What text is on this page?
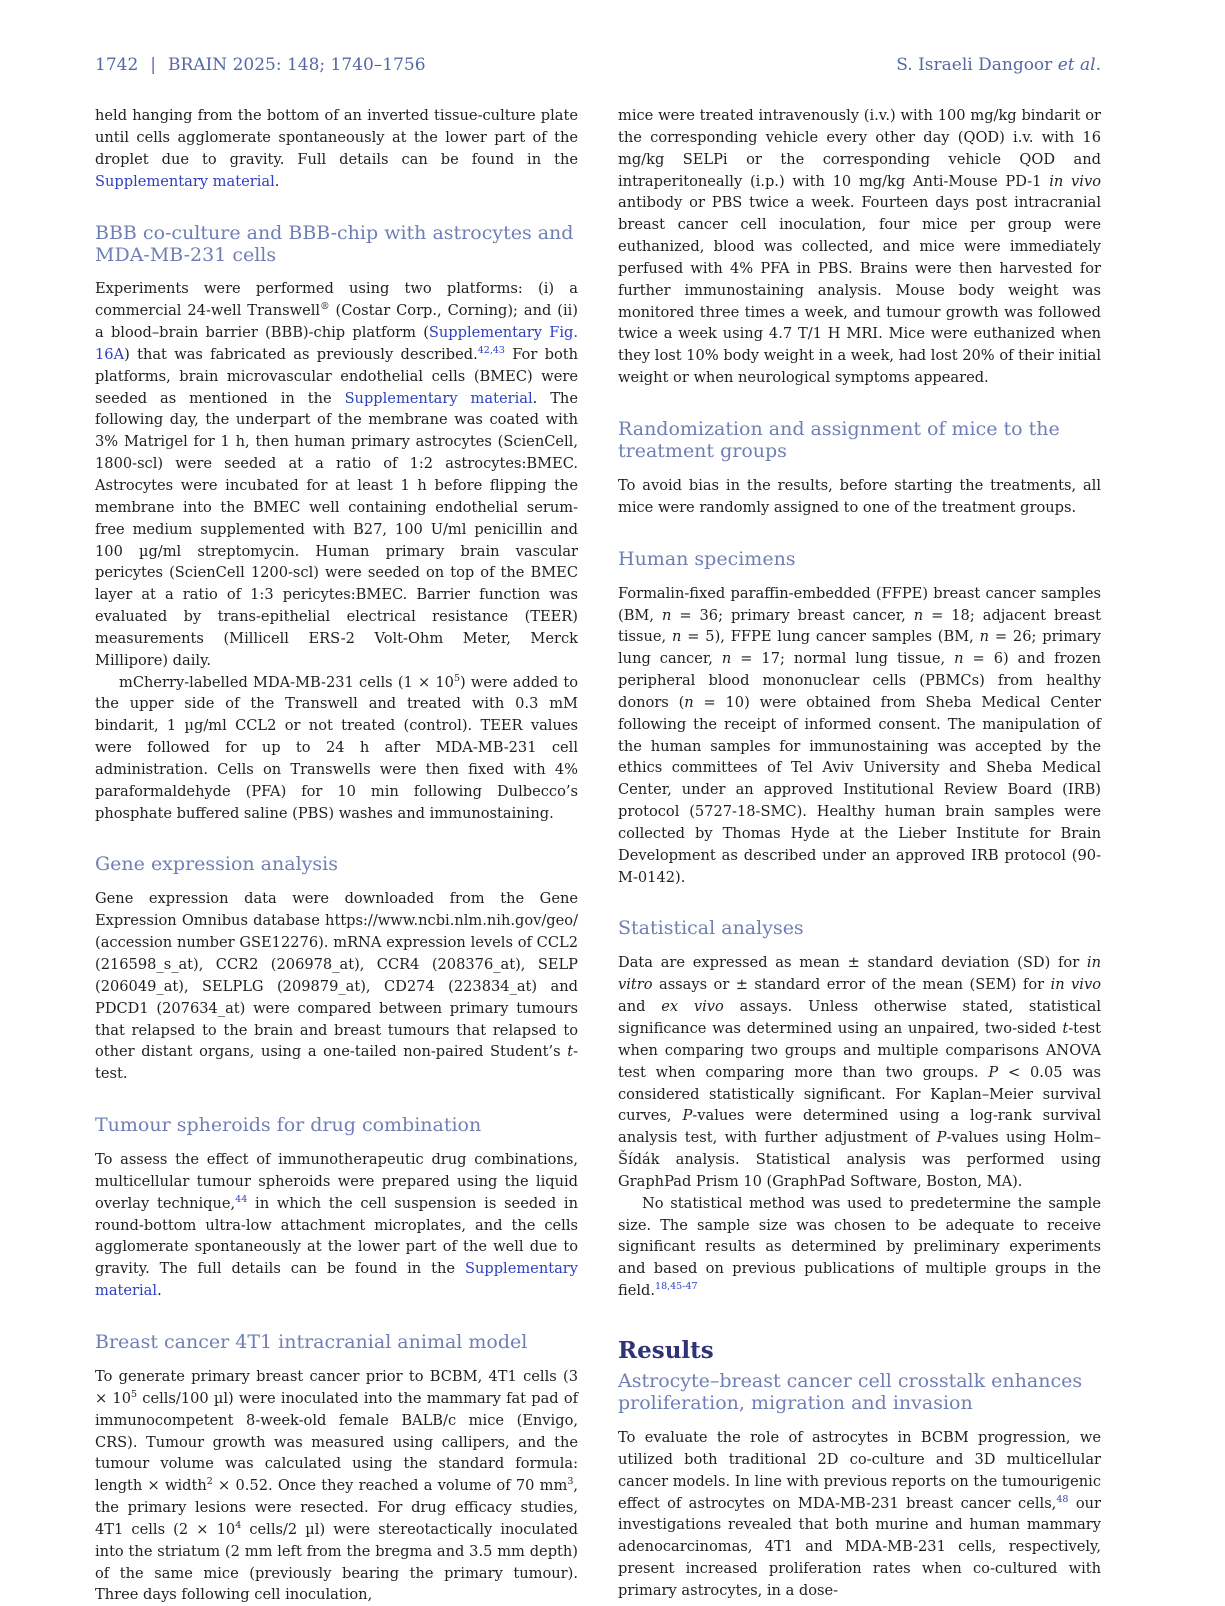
1742 | BRAIN 2025: 148; 1740–1756	S. Israeli Dangoor et al.

held hanging from the bottom of an inverted tissue-culture plate until cells agglomerate spontaneously at the lower part of the droplet due to gravity. Full details can be found in the Supplementary material.

BBB co-culture and BBB-chip with astrocytes and MDA-MB-231 cells

Experiments were performed using two platforms: (i) a commercial 24-well Transwell® (Costar Corp., Corning); and (ii) a blood–brain barrier (BBB)-chip platform (Supplementary Fig. 16A) that was fabricated as previously described.$^{42,43}$ For both platforms, brain microvascular endothelial cells (BMEC) were seeded as mentioned in the Supplementary material. The following day, the underpart of the membrane was coated with 3% Matrigel for 1 h, then human primary astrocytes (ScienCell, 1800-scl) were seeded at a ratio of 1:2 astrocytes:BMEC. Astrocytes were incubated for at least 1 h before flipping the membrane into the BMEC well containing endothelial serum-free medium supplemented with B27, 100 U/ml penicillin and 100 µg/ml streptomycin. Human primary brain vascular pericytes (ScienCell 1200-scl) were seeded on top of the BMEC layer at a ratio of 1:3 pericytes:BMEC. Barrier function was evaluated by trans-epithelial electrical resistance (TEER) measurements (Millicell ERS-2 Volt-Ohm Meter, Merck Millipore) daily.

mCherry-labelled MDA-MB-231 cells $(1 \times 10^5)$ were added to the upper side of the Transwell and treated with 0.3 mM bindarit, 1 µg/ml CCL2 or not treated (control). TEER values were followed for up to 24 h after MDA-MB-231 cell administration. Cells on Transwells were then fixed with 4% paraformaldehyde (PFA) for 10 min following Dulbecco’s phosphate buffered saline (PBS) washes and immunostaining.

Gene expression analysis

Gene expression data were downloaded from the Gene Expression Omnibus database https://www.ncbi.nlm.nih.gov/geo/ (accession number GSE12276). mRNA expression levels of CCL2 (216598_s_at), CCR2 (206978_at), CCR4 (208376_at), SELP (206049_at), SELPLG (209879_at), CD274 (223834_at) and PDCD1 (207634_at) were compared between primary tumours that relapsed to the brain and breast tumours that relapsed to other distant organs, using a one-tailed non-paired Student’s t-test.

Tumour spheroids for drug combination

To assess the effect of immunotherapeutic drug combinations, multicellular tumour spheroids were prepared using the liquid overlay technique,$^{44}$ in which the cell suspension is seeded in round-bottom ultra-low attachment microplates, and the cells agglomerate spontaneously at the lower part of the well due to gravity. The full details can be found in the Supplementary material.

Breast cancer 4T1 intracranial animal model

To generate primary breast cancer prior to BCBM, 4T1 cells ($3 \times 10^5$ cells/100 µl) were inoculated into the mammary fat pad of immunocompetent 8-week-old female BALB/c mice (Envigo, CRS). Tumour growth was measured using callipers, and the tumour volume was calculated using the standard formula: length × width$^2$ × 0.52. Once they reached a volume of 70 $mm^3$, the primary lesions were resected. For drug efficacy studies, 4T1 cells ($2 \times 10^4$ cells/2 µl) were stereotactically inoculated into the striatum (2 mm left from the bregma and 3.5 mm depth) of the same mice (previously bearing the primary tumour). Three days following cell inoculation,

mice were treated intravenously (i.v.) with 100 mg/kg bindarit or the corresponding vehicle every other day (QOD) i.v. with 16 mg/kg SELPi or the corresponding vehicle QOD and intraperitoneally (i.p.) with 10 mg/kg Anti-Mouse PD-1 in vivo antibody or PBS twice a week. Fourteen days post intracranial breast cancer cell inoculation, four mice per group were euthanized, blood was collected, and mice were immediately perfused with 4% PFA in PBS. Brains were then harvested for further immunostaining analysis. Mouse body weight was monitored three times a week, and tumour growth was followed twice a week using 4.7 T/1 H MRI. Mice were euthanized when they lost 10% body weight in a week, had lost 20% of their initial weight or when neurological symptoms appeared.

Randomization and assignment of mice to the treatment groups

To avoid bias in the results, before starting the treatments, all mice were randomly assigned to one of the treatment groups.

Human specimens

Formalin-fixed paraffin-embedded (FFPE) breast cancer samples (BM, n = 36; primary breast cancer, n = 18; adjacent breast tissue, n = 5), FFPE lung cancer samples (BM, n = 26; primary lung cancer, n = 17; normal lung tissue, n = 6) and frozen peripheral blood mononuclear cells (PBMCs) from healthy donors (n = 10) were obtained from Sheba Medical Center following the receipt of informed consent. The manipulation of the human samples for immunostaining was accepted by the ethics committees of Tel Aviv University and Sheba Medical Center, under an approved Institutional Review Board (IRB) protocol (5727-18-SMC). Healthy human brain samples were collected by Thomas Hyde at the Lieber Institute for Brain Development as described under an approved IRB protocol (90-M-0142).

Statistical analyses

Data are expressed as mean ± standard deviation (SD) for in vitro assays or ± standard error of the mean (SEM) for in vivo and ex vivo assays. Unless otherwise stated, statistical significance was determined using an unpaired, two-sided t-test when comparing two groups and multiple comparisons ANOVA test when comparing more than two groups. P < 0.05 was considered statistically significant. For Kaplan–Meier survival curves, P-values were determined using a log-rank survival analysis test, with further adjustment of P-values using Holm–Šídák analysis. Statistical analysis was performed using GraphPad Prism 10 (GraphPad Software, Boston, MA).

No statistical method was used to predetermine the sample size. The sample size was chosen to be adequate to receive significant results as determined by preliminary experiments and based on previous publications of multiple groups in the field.$^{18,45-47}$

Results
Astrocyte–breast cancer cell crosstalk enhances proliferation, migration and invasion

To evaluate the role of astrocytes in BCBM progression, we utilized both traditional 2D co-culture and 3D multicellular cancer models. In line with previous reports on the tumourigenic effect of astrocytes on MDA-MB-231 breast cancer cells,$^{48}$ our investigations revealed that both murine and human mammary adenocarcinomas, 4T1 and MDA-MB-231 cells, respectively, present increased proliferation rates when co-cultured with primary astrocytes, in a dose-
